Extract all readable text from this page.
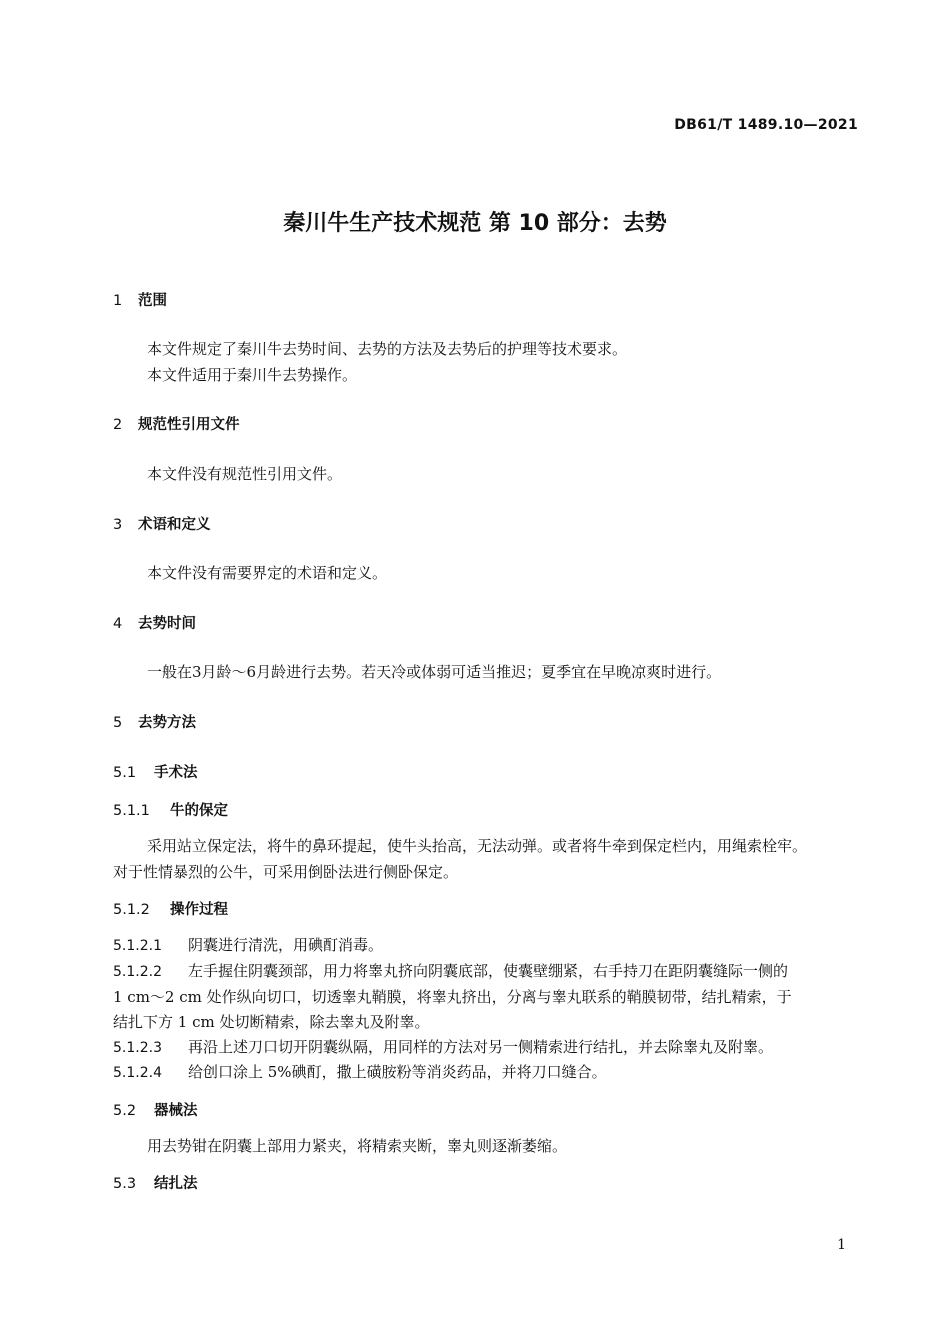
DB61/T 1489.10—2021
秦川牛生产技术规范 第 10 部分：去势
1 范围
本文件规定了秦川牛去势时间、去势的方法及去势后的护理等技术要求。
本文件适用于秦川牛去势操作。
2 规范性引用文件
本文件没有规范性引用文件。
3 术语和定义
本文件没有需要界定的术语和定义。
4 去势时间
一般在3月龄～6月龄进行去势。若天冷或体弱可适当推迟；夏季宜在早晚凉爽时进行。
5 去势方法
5.1 手术法
5.1.1 牛的保定
采用站立保定法，将牛的鼻环提起，使牛头抬高，无法动弹。或者将牛牵到保定栏内，用绳索栓牢。
对于性情暴烈的公牛，可采用倒卧法进行侧卧保定。
5.1.2 操作过程
5.1.2.1 阴囊进行清洗，用碘酊消毒。
5.1.2.2 左手握住阴囊颈部，用力将睾丸挤向阴囊底部，使囊壁绷紧，右手持刀在距阴囊缝际一侧的
1 cm～2 cm 处作纵向切口，切透睾丸鞘膜，将睾丸挤出，分离与睾丸联系的鞘膜韧带，结扎精索，于
结扎下方 1 cm 处切断精索，除去睾丸及附睾。
5.1.2.3 再沿上述刀口切开阴囊纵隔，用同样的方法对另一侧精索进行结扎，并去除睾丸及附睾。
5.1.2.4 给创口涂上 5%碘酊，撒上磺胺粉等消炎药品，并将刀口缝合。
5.2 器械法
用去势钳在阴囊上部用力紧夹，将精索夹断，睾丸则逐渐萎缩。
5.3 结扎法
1
